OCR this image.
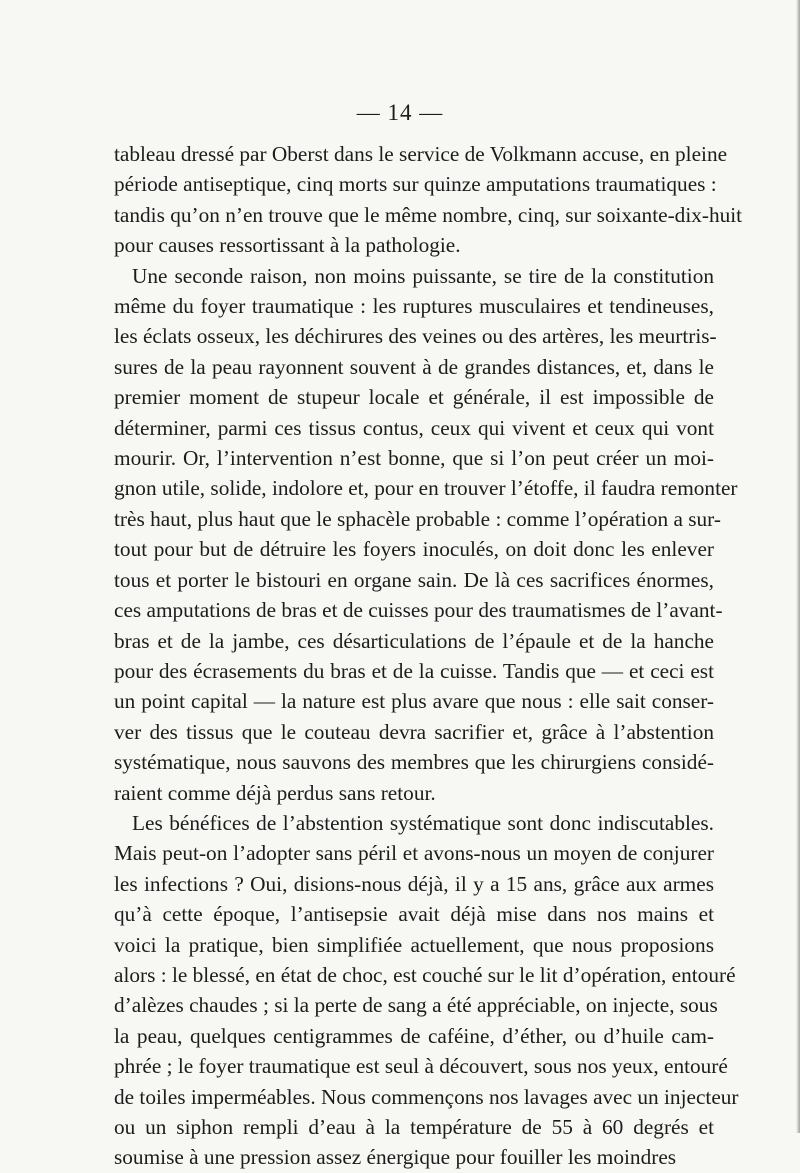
— 14 —
tableau dressé par Oberst dans le service de Volkmann accuse, en pleine
période antiseptique, cinq morts sur quinze amputations traumatiques :
tandis qu’on n’en trouve que le même nombre, cinq, sur soixante-dix-huit
pour causes ressortissant à la pathologie.
Une seconde raison, non moins puissante, se tire de la constitution
même du foyer traumatique : les ruptures musculaires et tendineuses,
les éclats osseux, les déchirures des veines ou des artères, les meurtris-
sures de la peau rayonnent souvent à de grandes distances, et, dans le
premier moment de stupeur locale et générale, il est impossible de
déterminer, parmi ces tissus contus, ceux qui vivent et ceux qui vont
mourir. Or, l’intervention n’est bonne, que si l’on peut créer un moi-
gnon utile, solide, indolore et, pour en trouver l’étoffe, il faudra remonter
très haut, plus haut que le sphacèle probable : comme l’opération a sur-
tout pour but de détruire les foyers inoculés, on doit donc les enlever
tous et porter le bistouri en organe sain. De là ces sacrifices énormes,
ces amputations de bras et de cuisses pour des traumatismes de l’avant-
bras et de la jambe, ces désarticulations de l’épaule et de la hanche
pour des écrasements du bras et de la cuisse. Tandis que — et ceci est
un point capital — la nature est plus avare que nous : elle sait conser-
ver des tissus que le couteau devra sacrifier et, grâce à l’abstention
systématique, nous sauvons des membres que les chirurgiens considé-
raient comme déjà perdus sans retour.
Les bénéfices de l’abstention systématique sont donc indiscutables.
Mais peut-on l’adopter sans péril et avons-nous un moyen de conjurer
les infections ? Oui, disions-nous déjà, il y a 15 ans, grâce aux armes
qu’à cette époque, l’antisepsie avait déjà mise dans nos mains et
voici la pratique, bien simplifiée actuellement, que nous proposions
alors : le blessé, en état de choc, est couché sur le lit d’opération, entouré
d’alèzes chaudes ; si la perte de sang a été appréciable, on injecte, sous
la peau, quelques centigrammes de caféine, d’éther, ou d’huile cam-
phrée ; le foyer traumatique est seul à découvert, sous nos yeux, entouré
de toiles imperméables. Nous commençons nos lavages avec un injecteur
ou un siphon rempli d’eau à la température de 55 à 60 degrés et
soumise à une pression assez énergique pour fouiller les moindres
